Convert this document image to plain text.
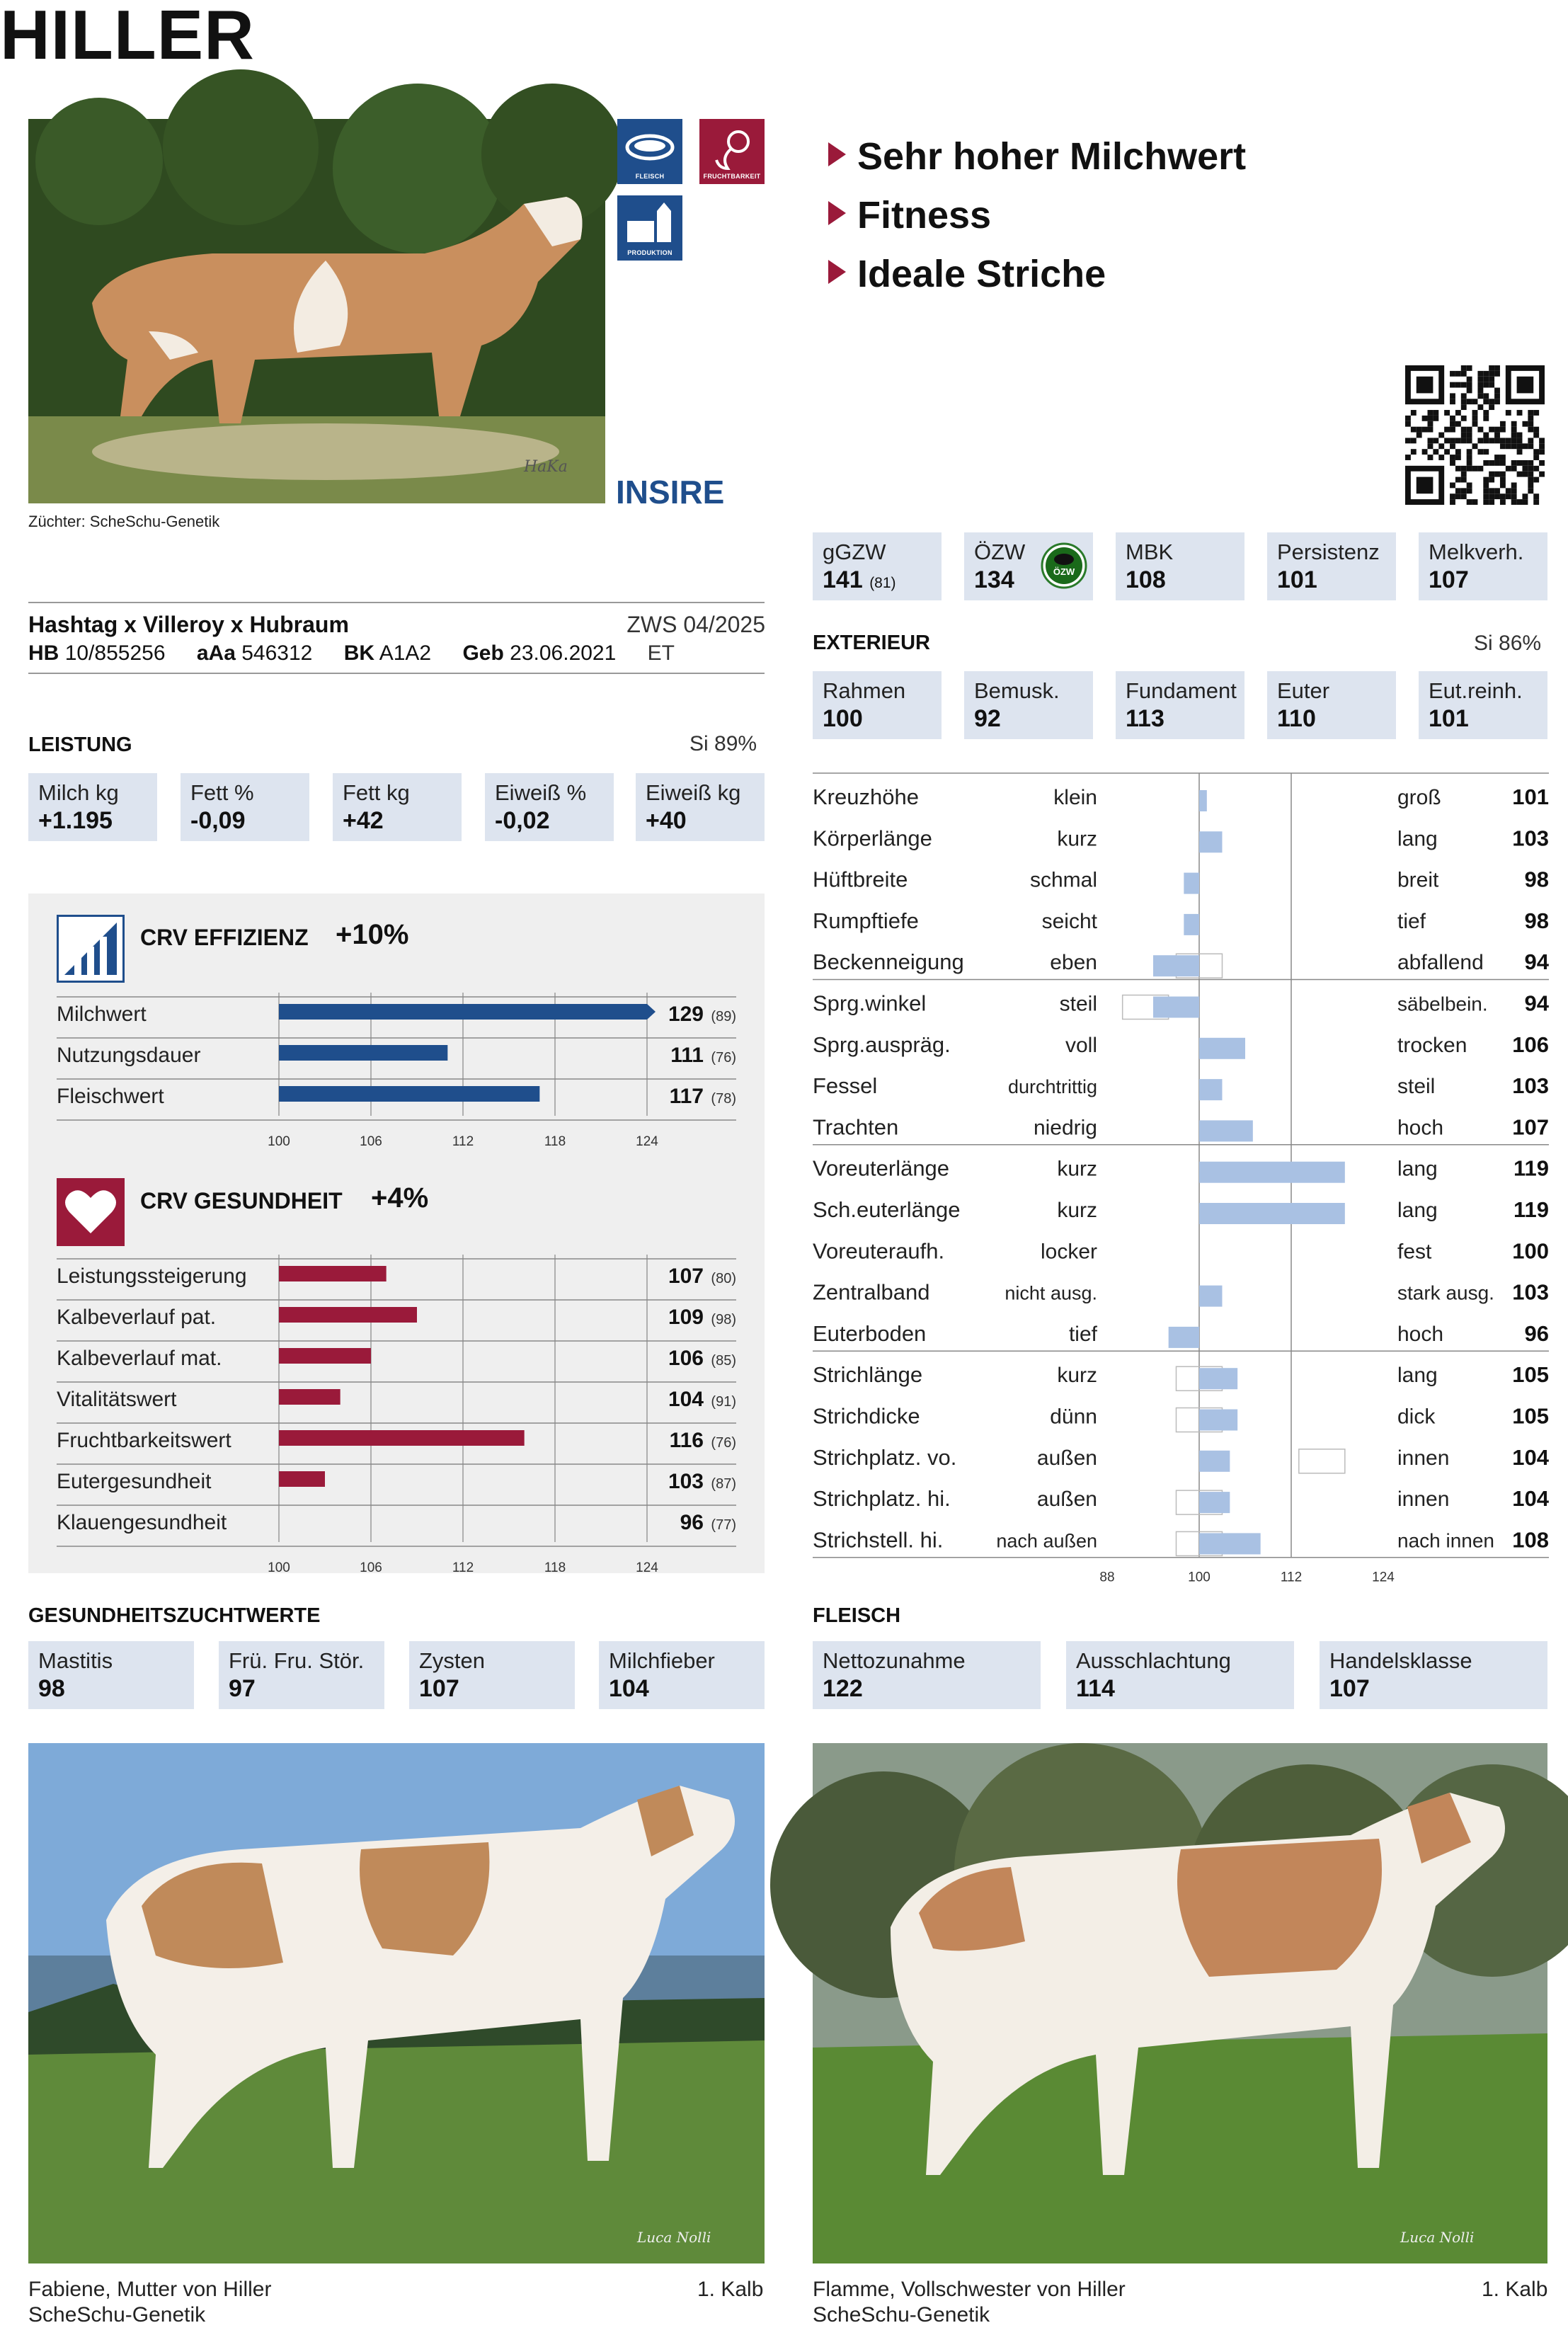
HILLER
HaKa
FLEISCH	FRUCHTBARKEIT
PRODUKTION
INSIRE
Züchter: ScheSchu-Genetik
Sehr hoher Milchwert
Fitness
Ideale Striche
Hashtag x Villeroy x Hubraum	ZWS 04/2025
HB 10/855256 aAa 546312 BK A1A2 Geb 23.06.2021 ET
LEISTUNG	Si 89%
Milch kg
+1.195
Fett %
-0,09
Fett kg
+42
Eiweiß %
-0,02
Eiweiß kg
+40
CRV EFFIZIENZ +10%
Milchwert	129 (89)
Nutzungsdauer	111 (76)
Fleischwert	117 (78)
100	106	112	118	124
CRV GESUNDHEIT +4%
Leistungssteigerung	107 (80)
Kalbeverlauf pat.	109 (98)
Kalbeverlauf mat.	106 (85)
Vitalitätswert	104 (91)
Fruchtbarkeitswert	116 (76)
Eutergesundheit	103 (87)
Klauengesundheit	96 (77)
100	106	112	118	124
gGZW
141 (81)
ÖZW
134
MBK
108
Persistenz
101
Melkverh.
107
ÖZW
EXTERIEUR	Si 86%
Rahmen
100
Bemusk.
92
Fundament
113
Euter
110
Eut.reinh.
101
Kreuzhöhe	klein	groß	101
Körperlänge	kurz	lang	103
Hüftbreite	schmal	breit	98
Rumpftiefe	seicht	tief	98
Beckenneigung	eben	abfallend 94
Sprg.winkel	steil	säbelbein. 94
Sprg.auspräg.	voll	trocken 106
Fessel	durchtrittig	steil	103
Trachten	niedrig	hoch	107
Voreuterlänge	kurz	lang	119
Sch.euterlänge	kurz	lang	119
Voreuteraufh.	locker	fest	100
Zentralband	nicht ausg.	stark ausg. 103
Euterboden	tief	hoch	96
Strichlänge	kurz	lang	105
Strichdicke	dünn	dick	105
Strichplatz. vo.	außen	innen	104
Strichplatz. hi.	außen	innen	104
Strichstell. hi.	nach außen	nach innen 108
88	100	112	124
GESUNDHEITSZUCHTWERTE
Mastitis
98
Frü. Fru. Stör.
97
Zysten
107
Milchfieber
104
FLEISCH
Nettozunahme
122
Ausschlachtung
114
Handelsklasse
107
Luca Nolli	Luca Nolli
Fabiene, Mutter von Hiller
ScheSchu-Genetik
1. Kalb Flamme, Vollschwester von Hiller
ScheSchu-Genetik
1. Kalb
